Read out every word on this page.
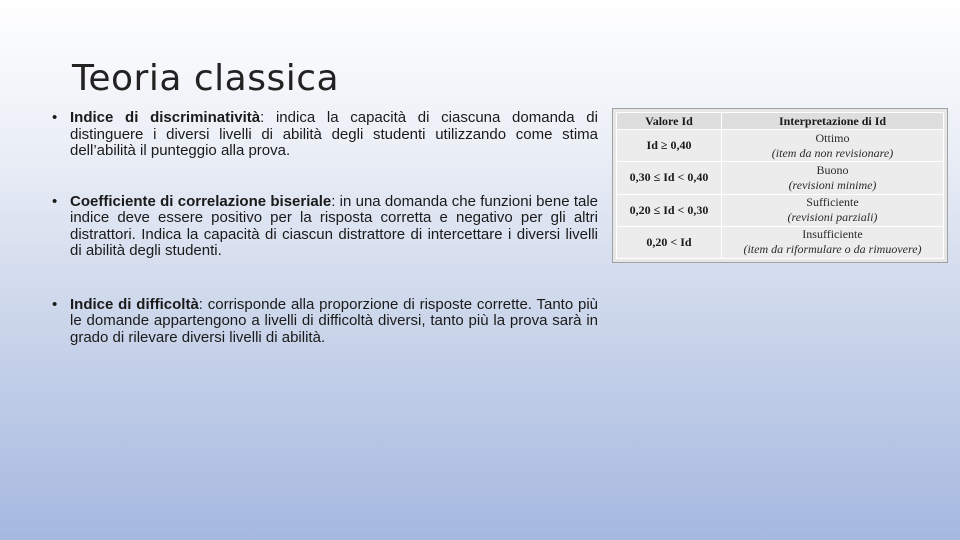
Teoria classica
• Indice di discriminatività: indica la capacità di ciascuna domanda di distinguere i diversi livelli di abilità degli studenti utilizzando come stima dell’abilità il punteggio alla prova.
• Coefficiente di correlazione biseriale: in una domanda che funzioni bene tale indice deve essere positivo per la risposta corretta e negativo per gli altri distrattori. Indica la capacità di ciascun distrattore di intercettare i diversi livelli di abilità degli studenti.
• Indice di difficoltà: corrisponde alla proporzione di risposte corrette. Tanto più le domande appartengono a livelli di difficoltà diversi, tanto più la prova sarà in grado di rilevare diversi livelli di abilità.
Valore Id	Interpretazione di Id
Id ≥ 0,40	Ottimo
(item da non revisionare)

0,30 ≤ Id < 0,40	Buono
(revisioni minime)

0,20 ≤ Id < 0,30	Sufficiente
(revisioni parziali)

0,20 < Id	Insufficiente
(item da riformulare o da rimuovere)
